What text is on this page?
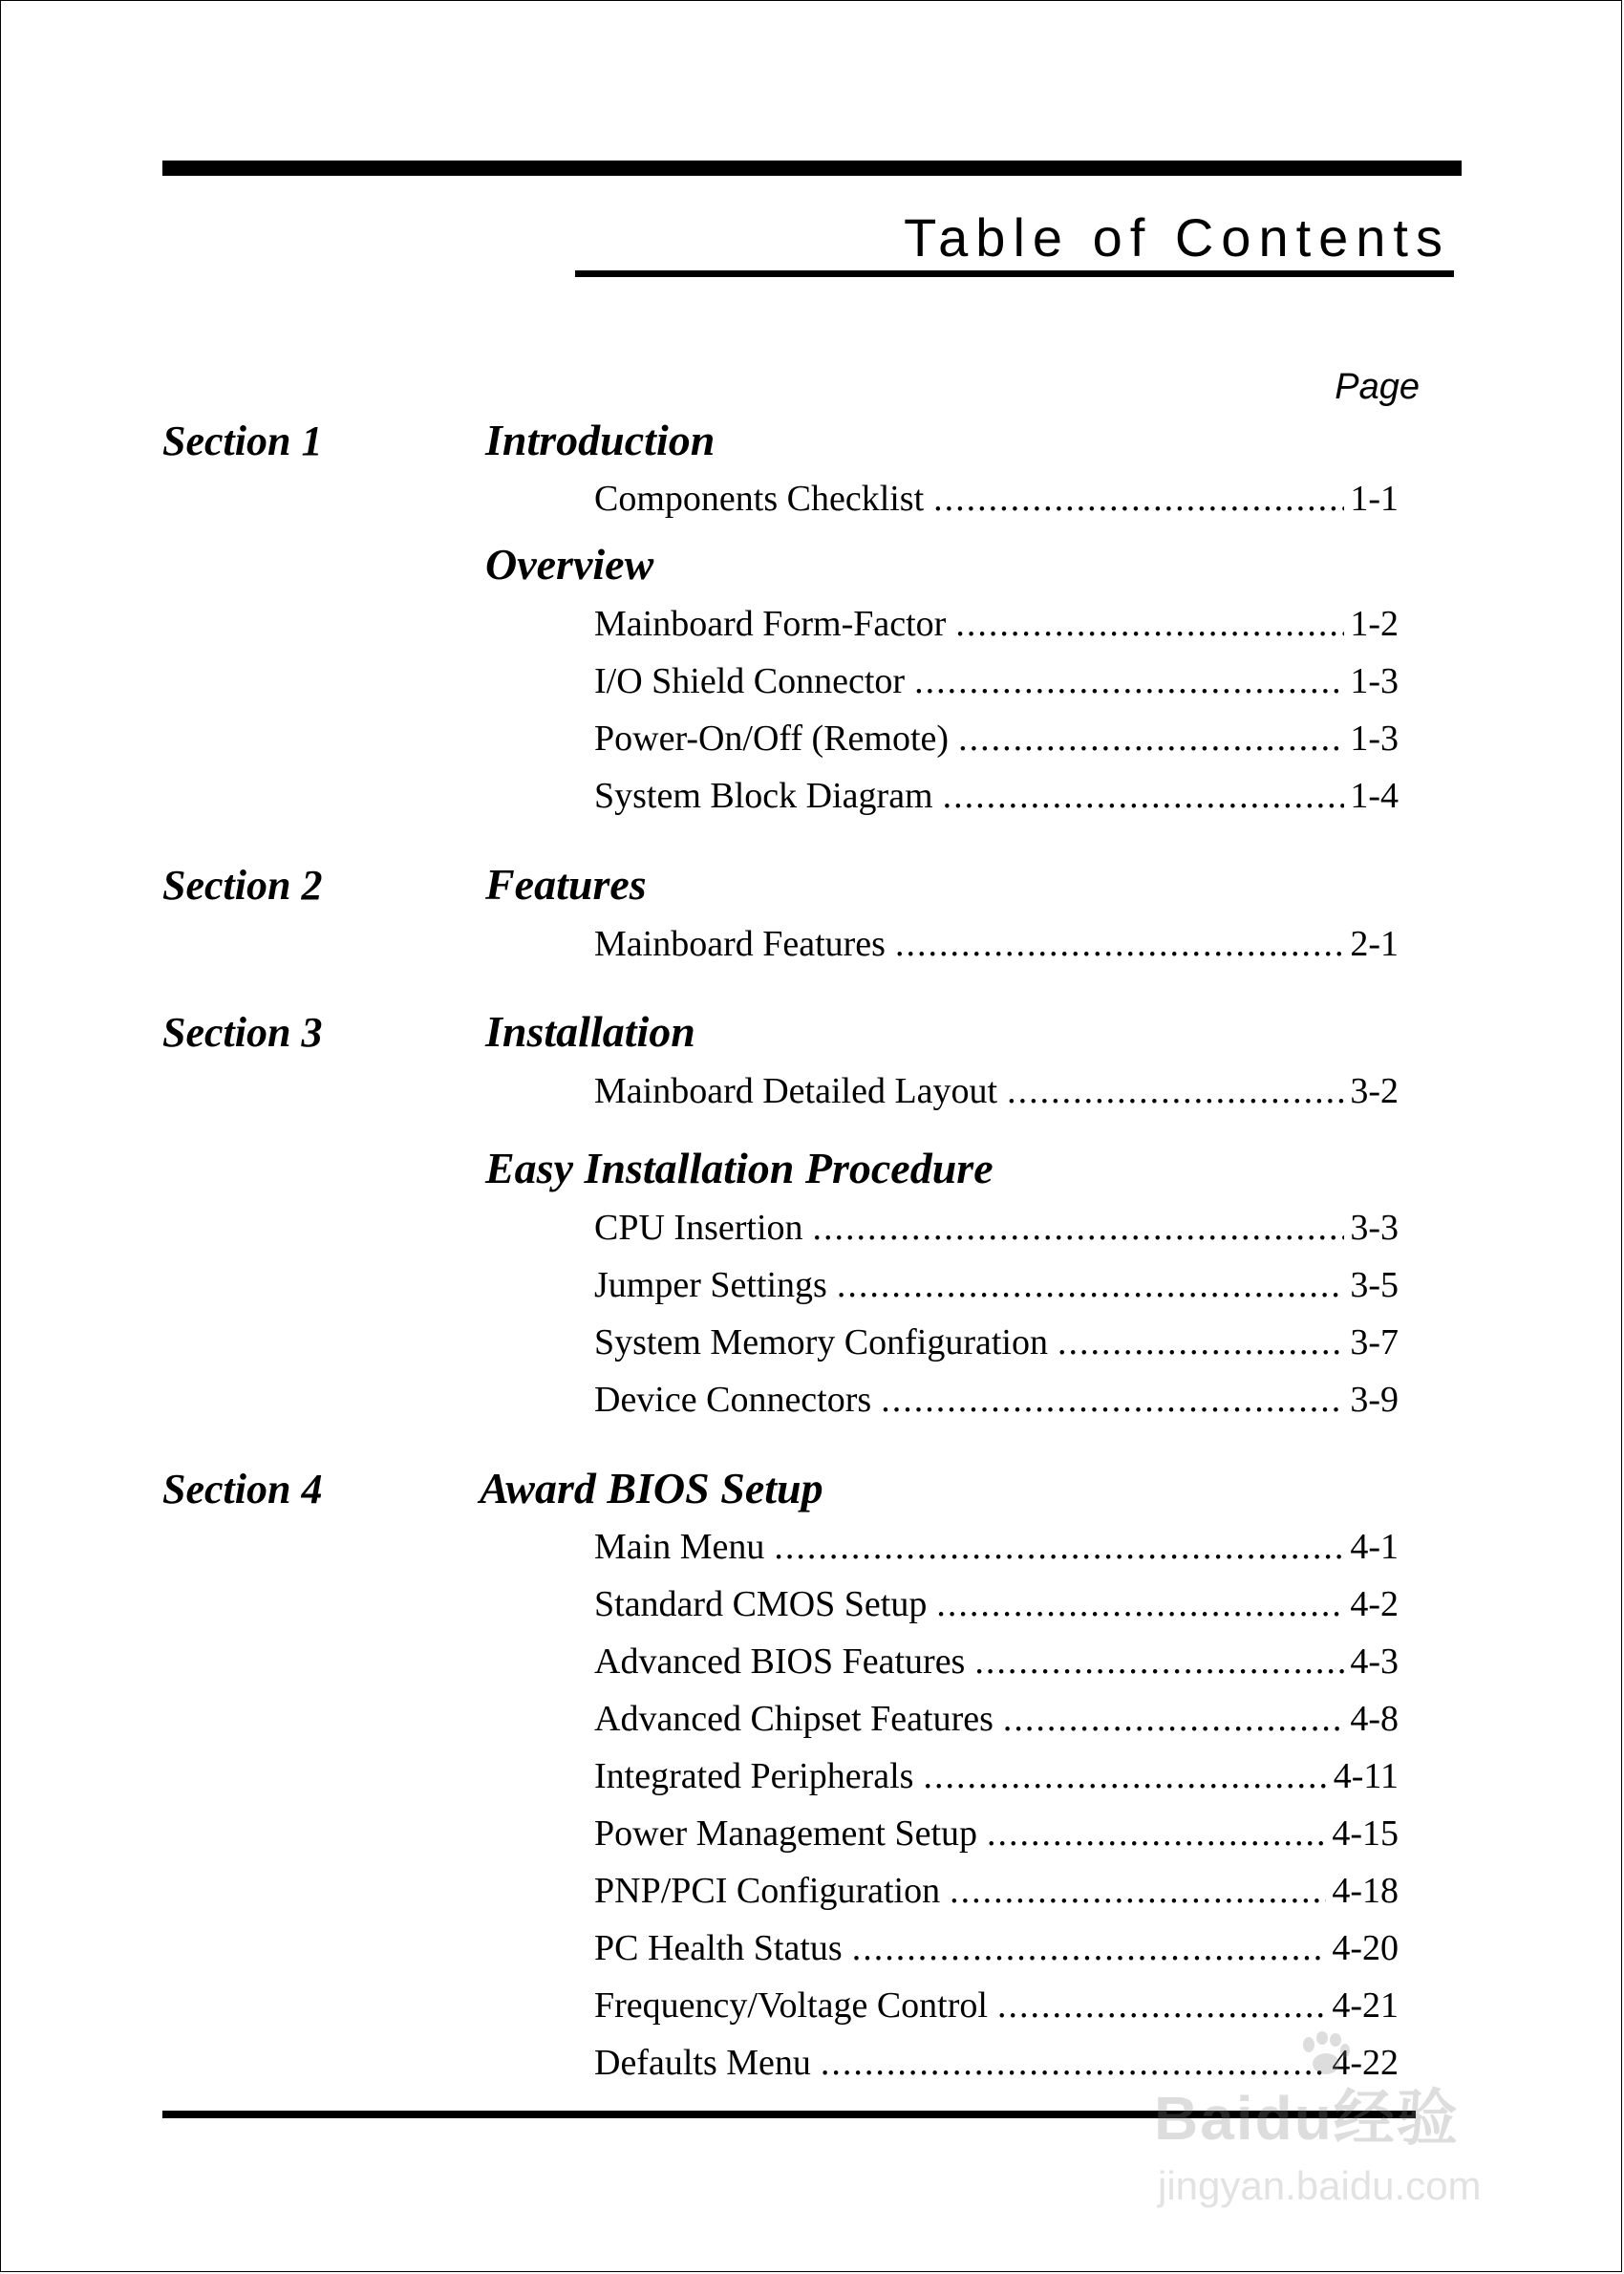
Table of Contents
Page
Section 1	Introduction
Components Checklist .....	1-1
Overview
Mainboard Form-Factor .....	1-2
I/O Shield Connector .....	1-3
Power-On/Off (Remote) .....	1-3
System Block Diagram .....	1-4
Section 2	Features
Mainboard Features .....	2-1
Section 3	Installation
Mainboard Detailed Layout .....	3-2
Easy Installation Procedure
CPU Insertion .....	3-3
Jumper Settings .....	3-5
System Memory Configuration .....	3-7
Device Connectors .....	3-9
Section 4	Award BIOS Setup
Main Menu .....	4-1
Standard CMOS Setup .....	4-2
Advanced BIOS Features .....	4-3
Advanced Chipset Features .....	4-8
Integrated Peripherals .....	4-11
Power Management Setup .....	4-15
PNP/PCI Configuration .....	4-18
PC Health Status .....	4-20
Frequency/Voltage Control .....	4-21
Defaults Menu .....	4-22
Baidu经验
jingyan.baidu.com
